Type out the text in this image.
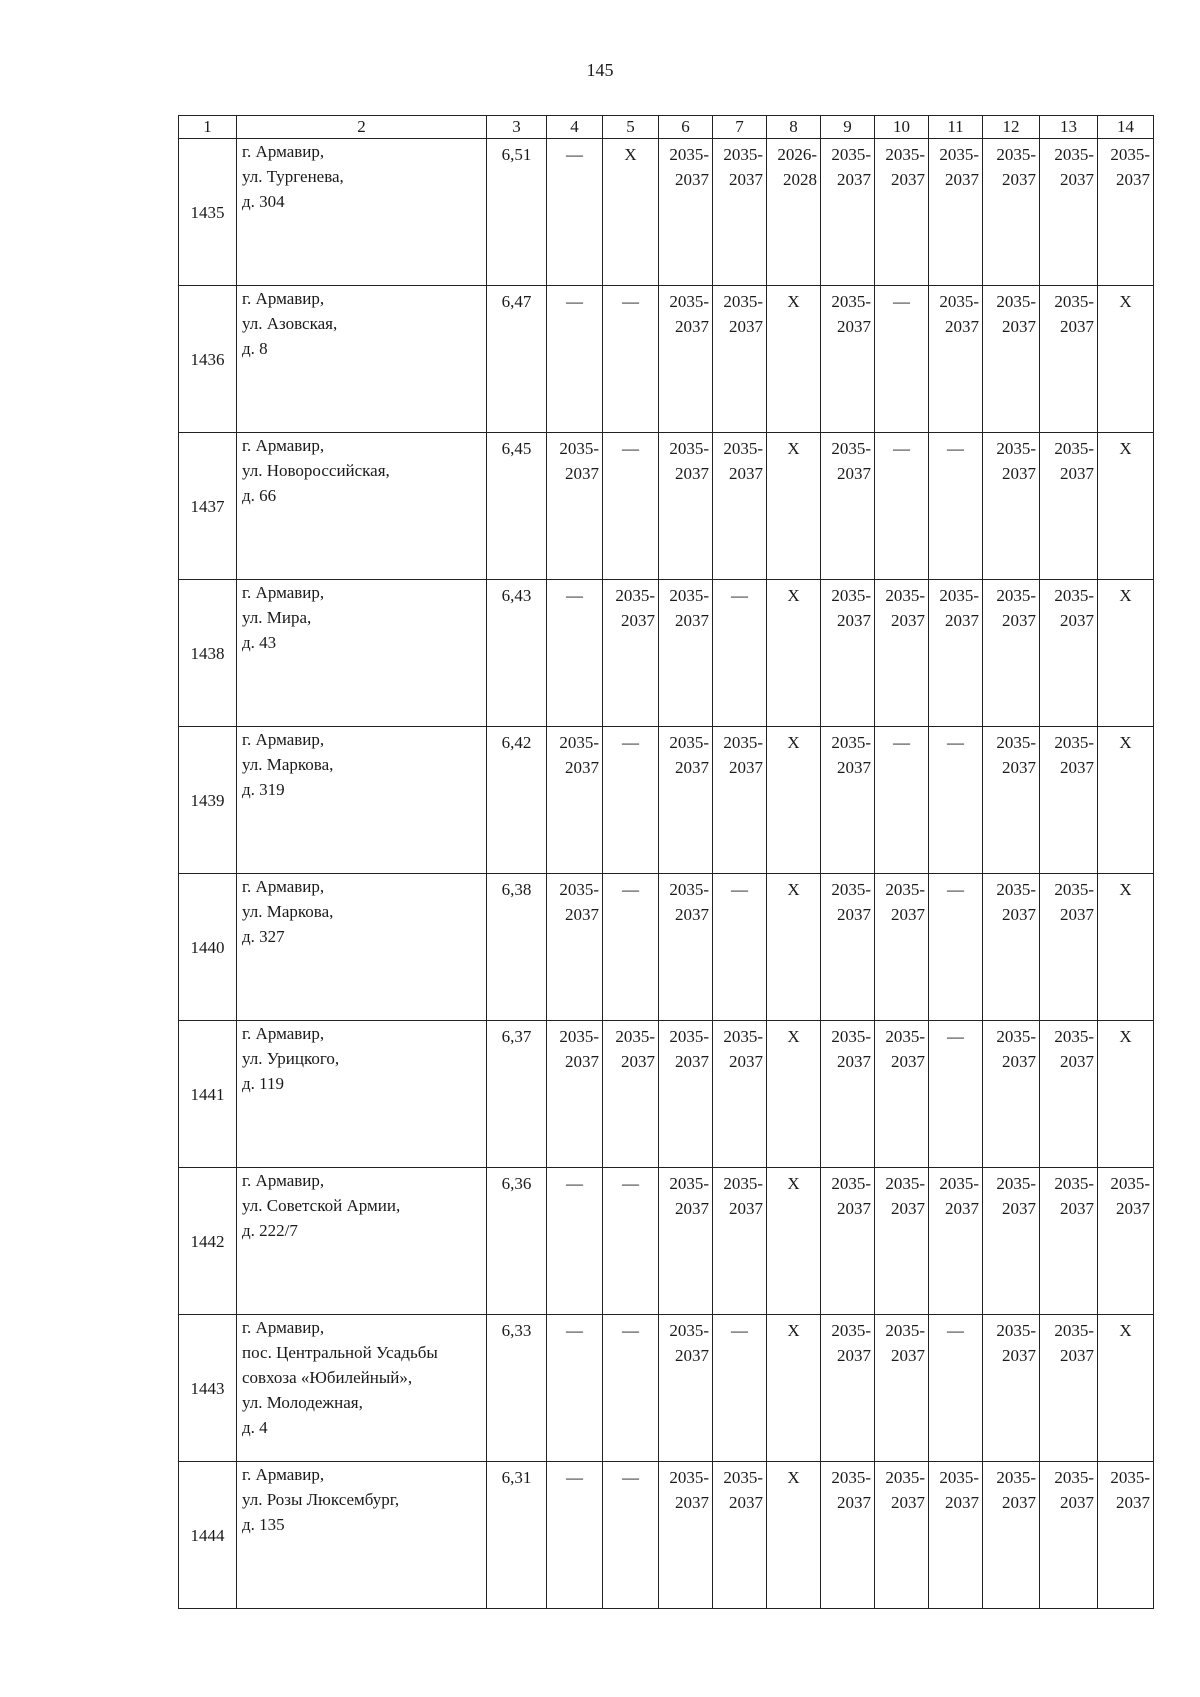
145
1	2	3	4	5	6	7	8	9	10	11	12	13	14
1435	г. Армавир,
ул. Тургенева,
д. 304	6,51	—	X	2035-
2037	2035-
2037	2026-
2028	2035-
2037	2035-
2037	2035-
2037	2035-
2037	2035-
2037	2035-
2037

1436	г. Армавир,
ул. Азовская,
д. 8	6,47	—	—	2035-
2037	2035-
2037	X	2035-
2037	—	2035-
2037	2035-
2037	2035-
2037	X
1437	г. Армавир,
ул. Новороссийская,
д. 66	6,45	2035-
2037	—	2035-
2037	2035-
2037	X	2035-
2037	—	—	2035-
2037	2035-
2037	X
1438	г. Армавир,
ул. Мира,
д. 43	6,43	—	2035-
2037	2035-
2037	—	X	2035-
2037	2035-
2037	2035-
2037	2035-
2037	2035-
2037	X
1439	г. Армавир,
ул. Маркова,
д. 319	6,42	2035-
2037	—	2035-
2037	2035-
2037	X	2035-
2037	—	—	2035-
2037	2035-
2037	X
1440	г. Армавир,
ул. Маркова,
д. 327	6,38	2035-
2037	—	2035-
2037	—	X	2035-
2037	2035-
2037	—	2035-
2037	2035-
2037	X
1441	г. Армавир,
ул. Урицкого,
д. 119	6,37	2035-
2037	2035-
2037	2035-
2037	2035-
2037	X	2035-
2037	2035-
2037	—	2035-
2037	2035-
2037	X
1442	г. Армавир,
ул. Советской Армии,
д. 222/7	6,36	—	—	2035-
2037	2035-
2037	X	2035-
2037	2035-
2037	2035-
2037	2035-
2037	2035-
2037	2035-
2037

1443	г. Армавир,
пос. Центральной Усадьбы
совхоза «Юбилейный»,
ул. Молодежная,
д. 4	6,33	—	—	2035-
2037	—	X	2035-
2037	2035-
2037	—	2035-
2037	2035-
2037	X
1444	г. Армавир,
ул. Розы Люксембург,
д. 135	6,31	—	—	2035-
2037	2035-
2037	X	2035-
2037	2035-
2037	2035-
2037	2035-
2037	2035-
2037	2035-
2037
